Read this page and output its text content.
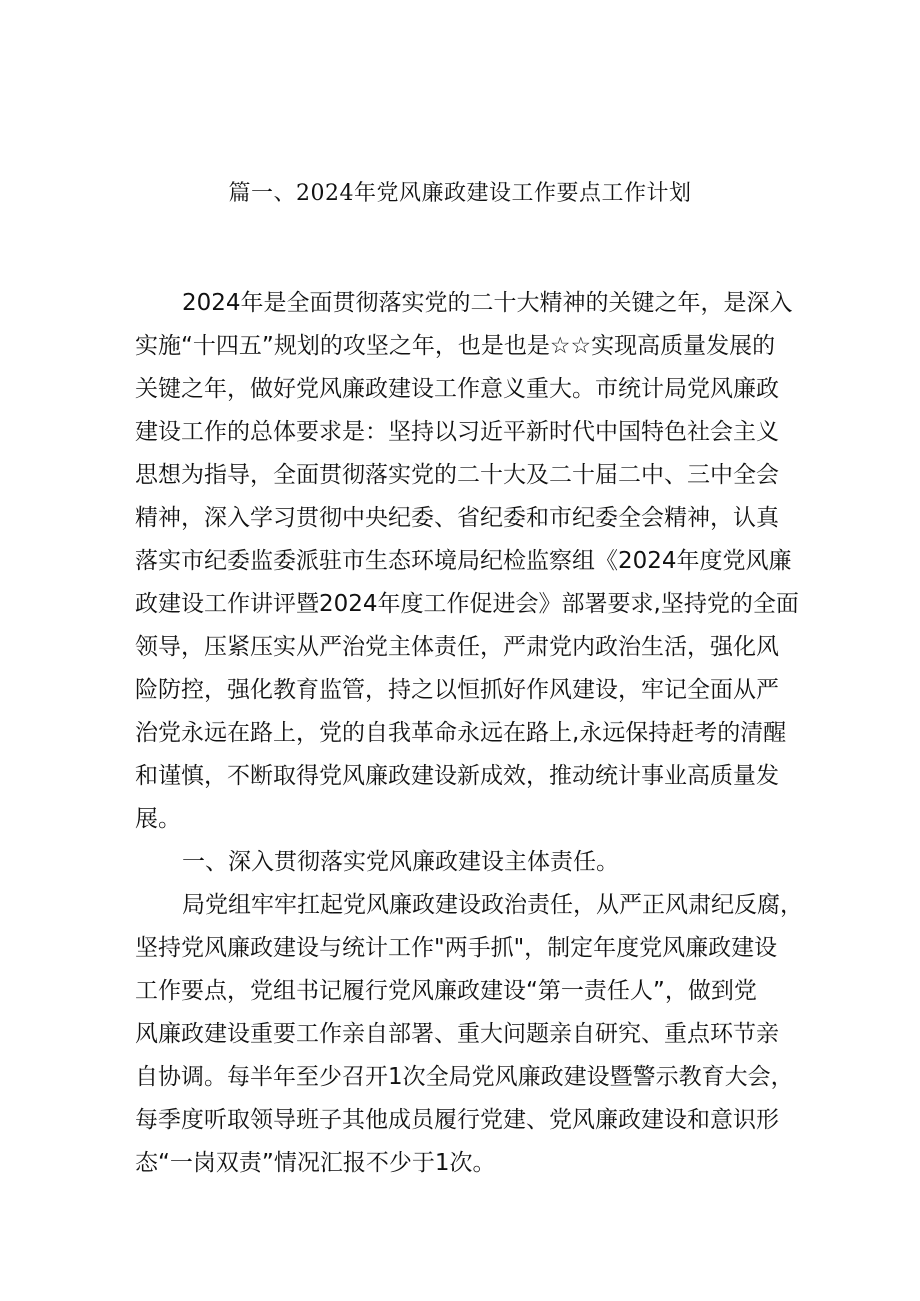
篇一、2024年党风廉政建设工作要点工作计划
2024年是全面贯彻落实党的二十大精神的关键之年，是深入
实施“十四五”规划的攻坚之年，也是也是☆☆实现高质量发展的
关键之年，做好党风廉政建设工作意义重大。市统计局党风廉政
建设工作的总体要求是：坚持以习近平新时代中国特色社会主义
思想为指导，全面贯彻落实党的二十大及二十届二中、三中全会
精神，深入学习贯彻中央纪委、省纪委和市纪委全会精神，认真
落实市纪委监委派驻市生态环境局纪检监察组《2024年度党风廉
政建设工作讲评暨2024年度工作促进会》部署要求,坚持党的全面
领导，压紧压实从严治党主体责任，严肃党内政治生活，强化风
险防控，强化教育监管，持之以恒抓好作风建设，牢记全面从严
治党永远在路上，党的自我革命永远在路上,永远保持赶考的清醒
和谨慎，不断取得党风廉政建设新成效，推动统计事业高质量发
展。
一、深入贯彻落实党风廉政建设主体责任。
局党组牢牢扛起党风廉政建设政治责任，从严正风肃纪反腐，
坚持党风廉政建设与统计工作"两手抓"，制定年度党风廉政建设
工作要点，党组书记履行党风廉政建设“第一责任人”，做到党
风廉政建设重要工作亲自部署、重大问题亲自研究、重点环节亲
自协调。每半年至少召开1次全局党风廉政建设暨警示教育大会，
每季度听取领导班子其他成员履行党建、党风廉政建设和意识形
态“一岗双责”情况汇报不少于1次。
